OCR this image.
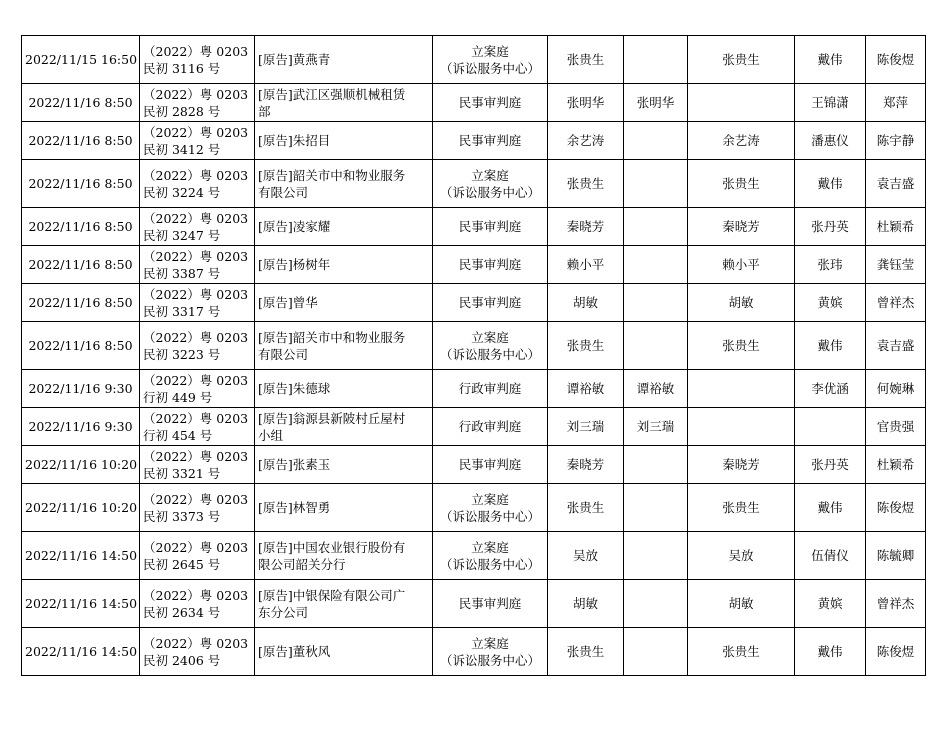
2022/11/15 16:50	（2022）粤 0203
民初 3116 号	[原告]黄燕青	立案庭
（诉讼服务中心）	张贵生		张贵生	戴伟	陈俊煜
2022/11/16 8:50	（2022）粤 0203
民初 2828 号	[原告]武江区强顺机械租赁
部	民事审判庭	张明华	张明华		王锦潇	郑萍
2022/11/16 8:50	（2022）粤 0203
民初 3412 号	[原告]朱招目	民事审判庭	余艺涛		余艺涛	潘惠仪	陈宇静
2022/11/16 8:50	（2022）粤 0203
民初 3224 号	[原告]韶关市中和物业服务
有限公司	立案庭
（诉讼服务中心）	张贵生		张贵生	戴伟	袁吉盛
2022/11/16 8:50	（2022）粤 0203
民初 3247 号	[原告]凌家耀	民事审判庭	秦晓芳		秦晓芳	张丹英	杜颖希
2022/11/16 8:50	（2022）粤 0203
民初 3387 号	[原告]杨树年	民事审判庭	赖小平		赖小平	张玮	龚钰莹
2022/11/16 8:50	（2022）粤 0203
民初 3317 号	[原告]曾华	民事审判庭	胡敏		胡敏	黄嫔	曾祥杰
2022/11/16 8:50	（2022）粤 0203
民初 3223 号	[原告]韶关市中和物业服务
有限公司	立案庭
（诉讼服务中心）	张贵生		张贵生	戴伟	袁吉盛
2022/11/16 9:30	（2022）粤 0203
行初 449 号	[原告]朱德球	行政审判庭	谭裕敏	谭裕敏		李优涵	何婉琳
2022/11/16 9:30	（2022）粤 0203
行初 454 号	[原告]翁源县新陂村丘屋村
小组	行政审判庭	刘三瑞	刘三瑞			官贵强
2022/11/16 10:20	（2022）粤 0203
民初 3321 号	[原告]张素玉	民事审判庭	秦晓芳		秦晓芳	张丹英	杜颖希
2022/11/16 10:20	（2022）粤 0203
民初 3373 号	[原告]林智勇	立案庭
（诉讼服务中心）	张贵生		张贵生	戴伟	陈俊煜
2022/11/16 14:50	（2022）粤 0203
民初 2645 号	[原告]中国农业银行股份有
限公司韶关分行	立案庭
（诉讼服务中心）	吴放		吴放	伍倩仪	陈毓卿
2022/11/16 14:50	（2022）粤 0203
民初 2634 号	[原告]中银保险有限公司广
东分公司	民事审判庭	胡敏		胡敏	黄嫔	曾祥杰
2022/11/16 14:50	（2022）粤 0203
民初 2406 号	[原告]董秋风	立案庭
（诉讼服务中心）	张贵生		张贵生	戴伟	陈俊煜
